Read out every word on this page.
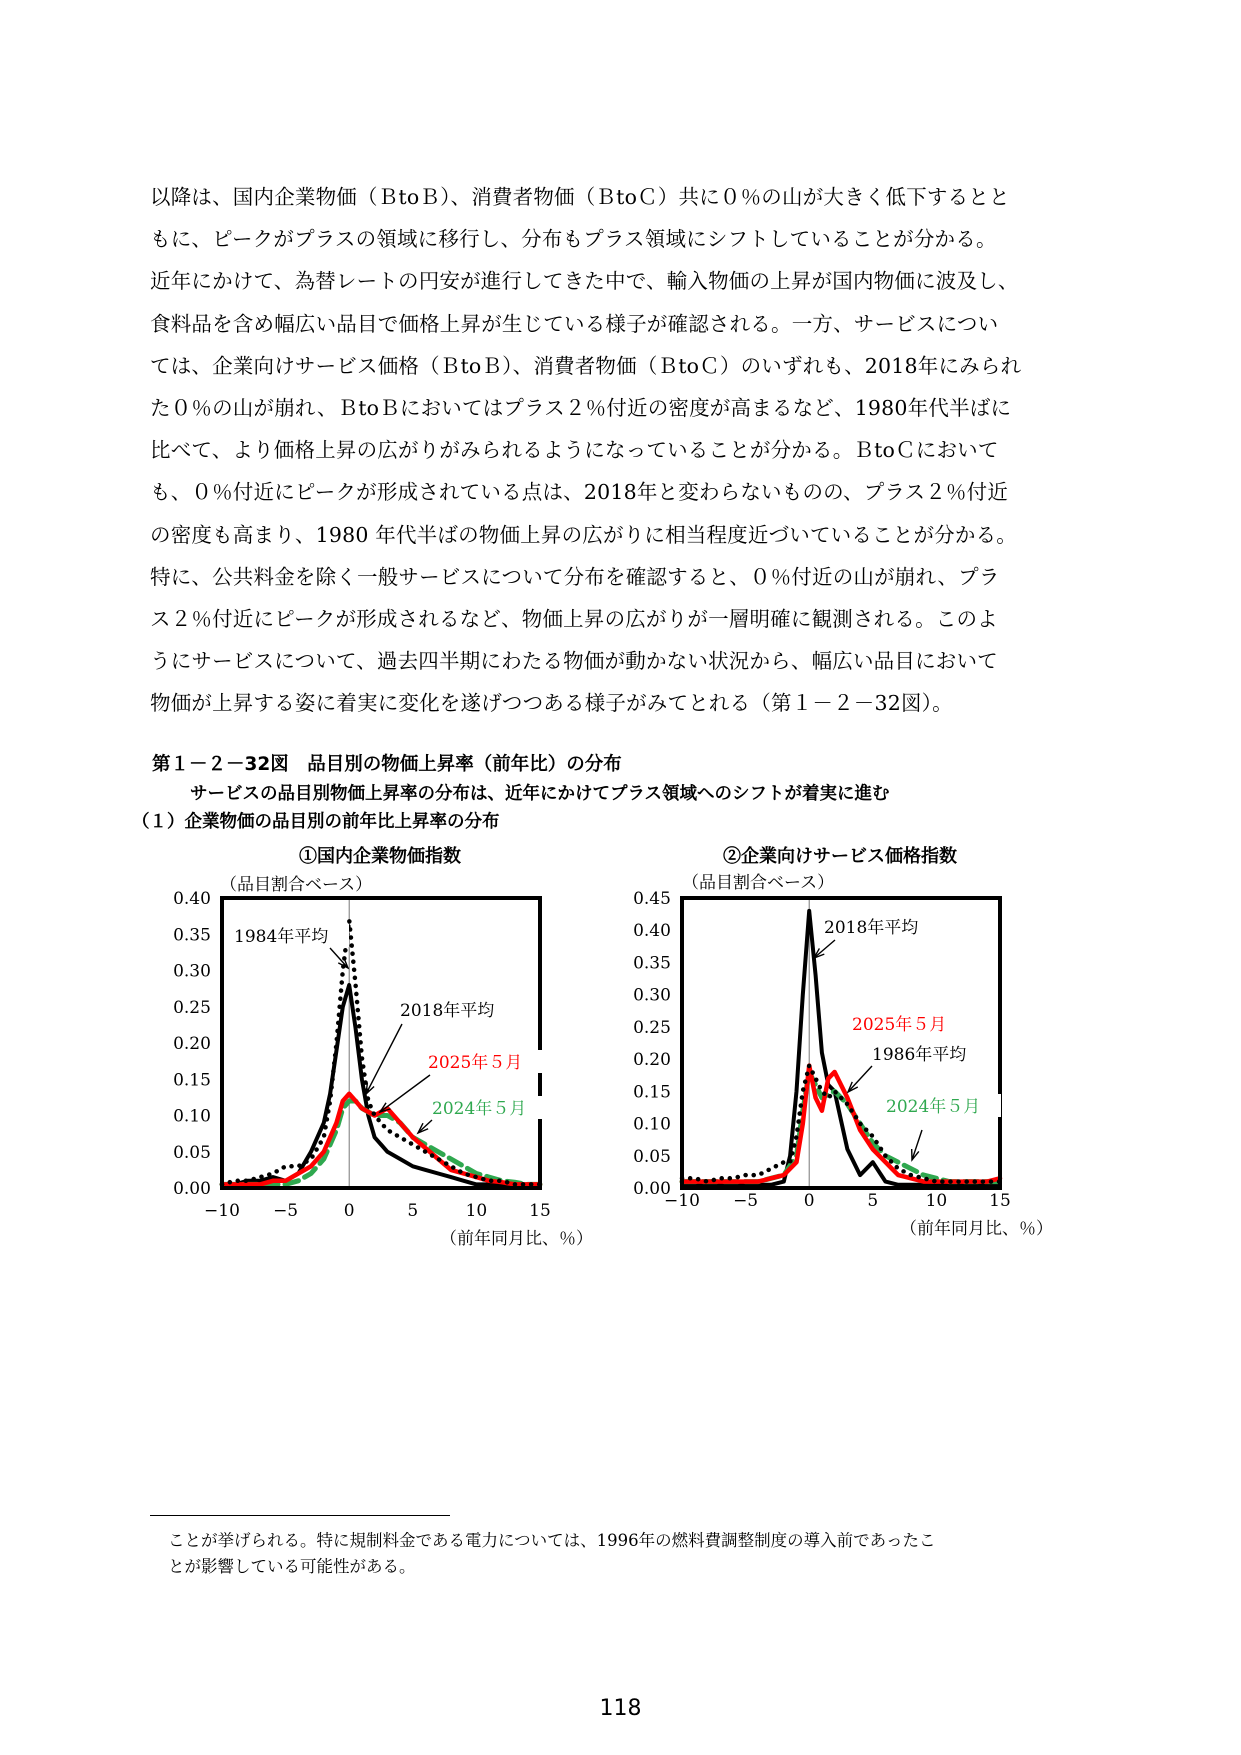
以降は、国内企業物価（ＢtoＢ）、消費者物価（ＢtoＣ）共に０％の山が大きく低下するとと
もに、ピークがプラスの領域に移行し、分布もプラス領域にシフトしていることが分かる。
近年にかけて、為替レートの円安が進行してきた中で、輸入物価の上昇が国内物価に波及し、
食料品を含め幅広い品目で価格上昇が生じている様子が確認される。一方、サービスについ
ては、企業向けサービス価格（ＢtoＢ）、消費者物価（ＢtoＣ）のいずれも、2018年にみられ
た０％の山が崩れ、ＢtoＢにおいてはプラス２％付近の密度が高まるなど、1980年代半ばに
比べて、より価格上昇の広がりがみられるようになっていることが分かる。ＢtoＣにおいて
も、０％付近にピークが形成されている点は、2018年と変わらないものの、プラス２％付近
の密度も高まり、1980 年代半ばの物価上昇の広がりに相当程度近づいていることが分かる。
特に、公共料金を除く一般サービスについて分布を確認すると、０％付近の山が崩れ、プラ
ス２％付近にピークが形成されるなど、物価上昇の広がりが一層明確に観測される。このよ
うにサービスについて、過去四半期にわたる物価が動かない状況から、幅広い品目において
物価が上昇する姿に着実に変化を遂げつつある様子がみてとれる（第１－２－32図）。
第１－２－32図　品目別の物価上昇率（前年比）の分布
サービスの品目別物価上昇率の分布は、近年にかけてプラス領域へのシフトが着実に進む
（１）企業物価の品目別の前年比上昇率の分布
①国内企業物価指数
（品目割合ベース）
0.00
0.05
0.10
0.15
0.20
0.25
0.30
0.35
0.40
−10 −5	0	5	10 15
（前年同月比、％）
1984年平均
2018年平均
2025年５月
2024年５月
②企業向けサービス価格指数
（品目割合ベース）
0.00
0.05
0.10
0.15
0.20
0.25
0.30
0.35
0.40
0.45
−10 −5	0	5	10 15
（前年同月比、％）
2018年平均
2025年５月
1986年平均
2024年５月
ことが挙げられる。特に規制料金である電力については、1996年の燃料費調整制度の導入前であったこ
とが影響している可能性がある。
118
